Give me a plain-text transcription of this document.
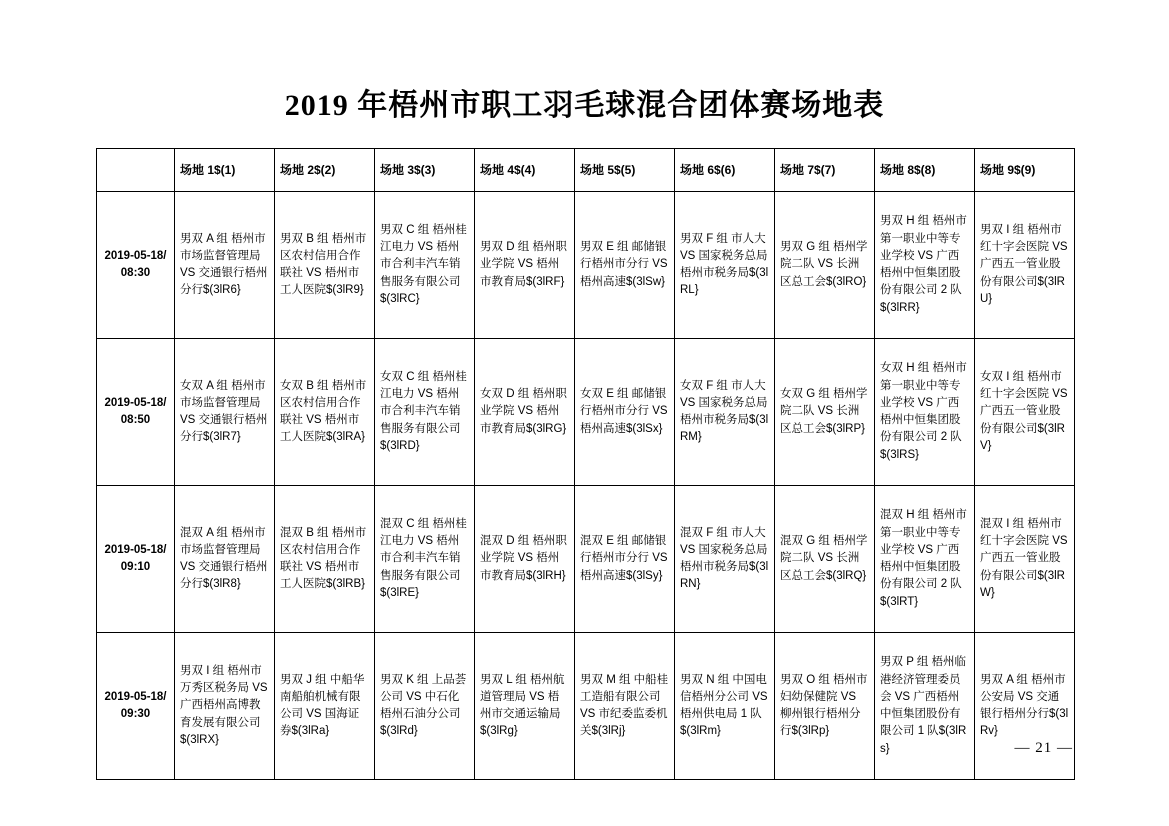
2019 年梧州市职工羽毛球混合团体赛场地表
	场地 1$(1)	场地 2$(2)	场地 3$(3)	场地 4$(4)	场地 5$(5)	场地 6$(6)	场地 7$(7)	场地 8$(8)	场地 9$(9)
2019-05-18/08:30	男双 A 组 梧州市市场监督管理局 VS 交通银行梧州分行$(3lR6}	男双 B 组 梧州市区农村信用合作联社 VS 梧州市工人医院$(3lR9}	男双 C 组 梧州桂江电力 VS 梧州市合利丰汽车销售服务有限公司$(3lRC}	男双 D 组 梧州职业学院 VS 梧州市教育局$(3lRF}	男双 E 组 邮储银行梧州市分行 VS 梧州高速$(3lSw}	男双 F 组 市人大 VS 国家税务总局梧州市税务局$(3lRL}	男双 G 组 梧州学院二队 VS 长洲区总工会$(3lRO}	男双 H 组 梧州市第一职业中等专业学校 VS 广西梧州中恒集团股份有限公司 2 队$(3lRR}	男双 I 组 梧州市红十字会医院 VS 广西五一管业股份有限公司$(3lRU}
2019-05-18/08:50	女双 A 组 梧州市市场监督管理局 VS 交通银行梧州分行$(3lR7}	女双 B 组 梧州市区农村信用合作联社 VS 梧州市工人医院$(3lRA}	女双 C 组 梧州桂江电力 VS 梧州市合利丰汽车销售服务有限公司$(3lRD}	女双 D 组 梧州职业学院 VS 梧州市教育局$(3lRG}	女双 E 组 邮储银行梧州市分行 VS 梧州高速$(3lSx}	女双 F 组 市人大 VS 国家税务总局梧州市税务局$(3lRM}	女双 G 组 梧州学院二队 VS 长洲区总工会$(3lRP}	女双 H 组 梧州市第一职业中等专业学校 VS 广西梧州中恒集团股份有限公司 2 队$(3lRS}	女双 I 组 梧州市红十字会医院 VS 广西五一管业股份有限公司$(3lRV}
2019-05-18/09:10	混双 A 组 梧州市市场监督管理局 VS 交通银行梧州分行$(3lR8}	混双 B 组 梧州市区农村信用合作联社 VS 梧州市工人医院$(3lRB}	混双 C 组 梧州桂江电力 VS 梧州市合利丰汽车销售服务有限公司$(3lRE}	混双 D 组 梧州职业学院 VS 梧州市教育局$(3lRH}	混双 E 组 邮储银行梧州市分行 VS 梧州高速$(3lSy}	混双 F 组 市人大 VS 国家税务总局梧州市税务局$(3lRN}	混双 G 组 梧州学院二队 VS 长洲区总工会$(3lRQ}	混双 H 组 梧州市第一职业中等专业学校 VS 广西梧州中恒集团股份有限公司 2 队$(3lRT}	混双 I 组 梧州市红十字会医院 VS 广西五一管业股份有限公司$(3lRW}
2019-05-18/09:30	男双 I 组 梧州市万秀区税务局 VS 广西梧州高博教育发展有限公司$(3lRX}	男双 J 组 中船华南船舶机械有限公司 VS 国海证券$(3lRa}	男双 K 组 上品荟公司 VS 中石化梧州石油分公司$(3lRd}	男双 L 组 梧州航道管理局 VS 梧州市交通运输局$(3lRg}	男双 M 组 中船桂工造船有限公司 VS 市纪委监委机关$(3lRj}	男双 N 组 中国电信梧州分公司 VS 梧州供电局 1 队$(3lRm}	男双 O 组 梧州市妇幼保健院 VS 柳州银行梧州分行$(3lRp}	男双 P 组 梧州临港经济管理委员会 VS 广西梧州中恒集团股份有限公司 1 队$(3lRs}	男双 A 组 梧州市公安局 VS 交通银行梧州分行$(3lRv}
— 21 —
